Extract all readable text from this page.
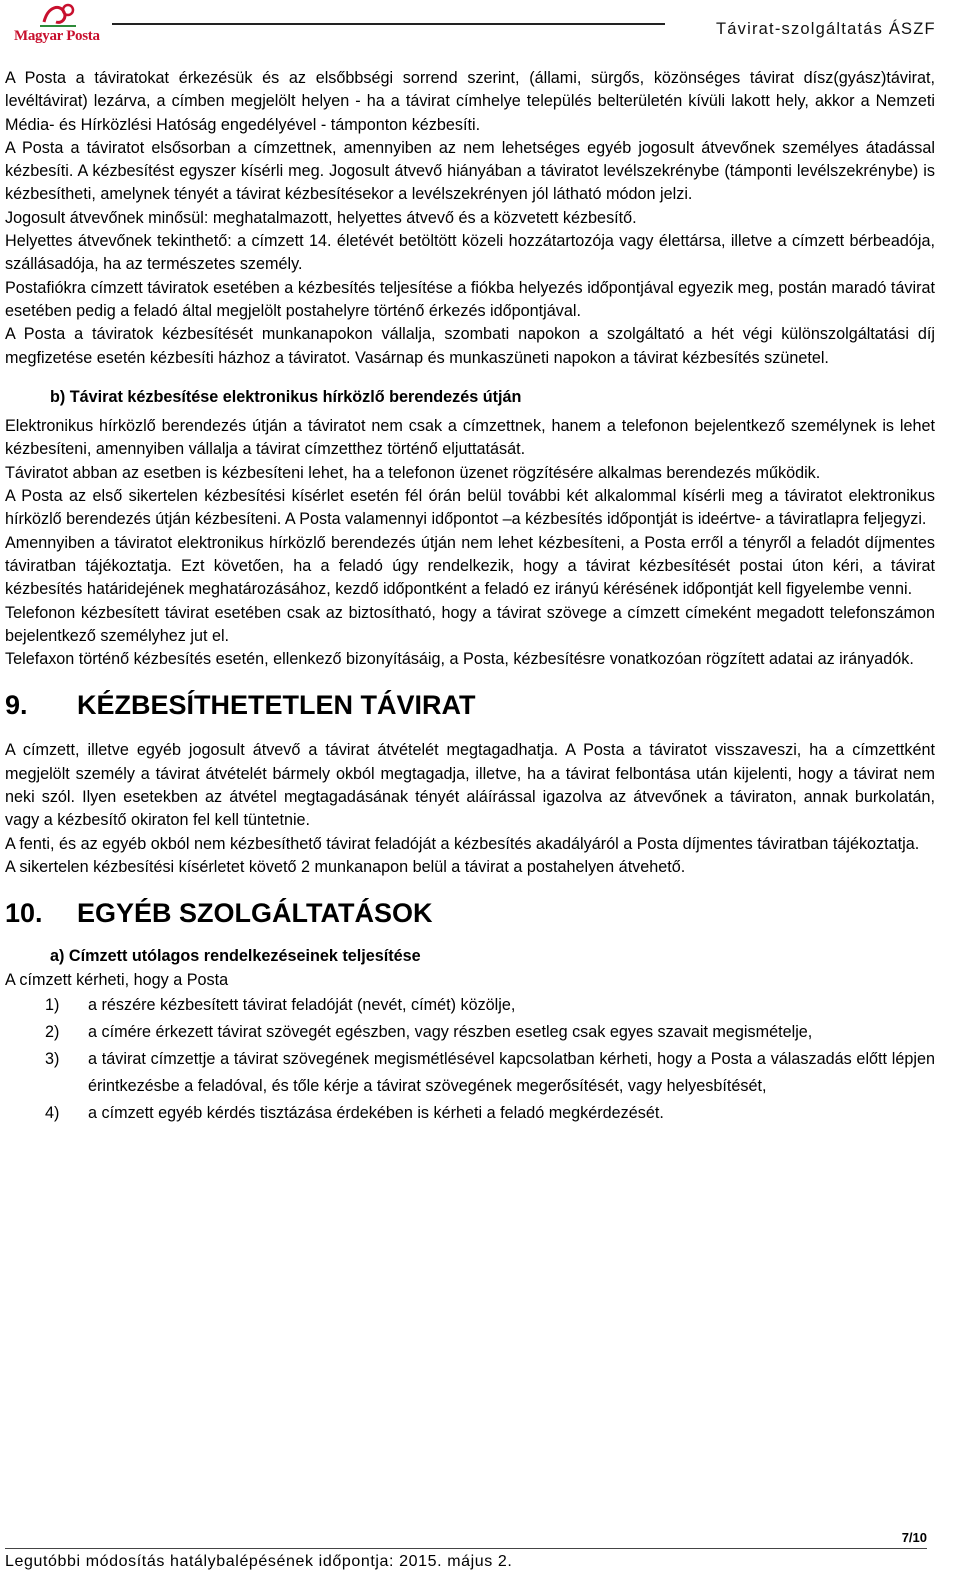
Magyar Posta	Távirat-szolgáltatás ÁSZF

A Posta a táviratokat érkezésük és az elsőbbségi sorrend szerint, (állami, sürgős, közönséges távirat dísz(gyász)távirat, levéltávirat) lezárva, a címben megjelölt helyen - ha a távirat címhelye település belterületén kívüli lakott hely, akkor a Nemzeti Média- és Hírközlési Hatóság engedélyével - támponton kézbesíti.

A Posta a táviratot elsősorban a címzettnek, amennyiben az nem lehetséges egyéb jogosult átvevőnek személyes átadással kézbesíti. A kézbesítést egyszer kísérli meg. Jogosult átvevő hiányában a táviratot levélszekrénybe (támponti levélszekrénybe) is kézbesítheti, amelynek tényét a távirat kézbesítésekor a levélszekrényen jól látható módon jelzi.

Jogosult átvevőnek minősül: meghatalmazott, helyettes átvevő és a közvetett kézbesítő.

Helyettes átvevőnek tekinthető: a címzett 14. életévét betöltött közeli hozzátartozója vagy élettársa, illetve a címzett bérbeadója, szállásadója, ha az természetes személy.

Postafiókra címzett táviratok esetében a kézbesítés teljesítése a fiókba helyezés időpontjával egyezik meg, postán maradó távirat esetében pedig a feladó által megjelölt postahelyre történő érkezés időpontjával.

A Posta a táviratok kézbesítését munkanapokon vállalja, szombati napokon a szolgáltató a hét végi különszolgáltatási díj megfizetése esetén kézbesíti házhoz a táviratot. Vasárnap és munkaszüneti napokon a távirat kézbesítés szünetel.

b) Távirat kézbesítése elektronikus hírközlő berendezés útján

Elektronikus hírközlő berendezés útján a táviratot nem csak a címzettnek, hanem a telefonon bejelentkező személynek is lehet kézbesíteni, amennyiben vállalja a távirat címzetthez történő eljuttatását.

Táviratot abban az esetben is kézbesíteni lehet, ha a telefonon üzenet rögzítésére alkalmas berendezés működik.

A Posta az első sikertelen kézbesítési kísérlet esetén fél órán belül további két alkalommal kísérli meg a táviratot elektronikus hírközlő berendezés útján kézbesíteni. A Posta valamennyi időpontot –a kézbesítés időpontját is ideértve- a táviratlapra feljegyzi.

Amennyiben a táviratot elektronikus hírközlő berendezés útján nem lehet kézbesíteni, a Posta erről a tényről a feladót díjmentes táviratban tájékoztatja. Ezt követően, ha a feladó úgy rendelkezik, hogy a távirat kézbesítését postai úton kéri, a távirat kézbesítés határidejének meghatározásához, kezdő időpontként a feladó ez irányú kérésének időpontját kell figyelembe venni.

Telefonon kézbesített távirat esetében csak az biztosítható, hogy a távirat szövege a címzett címeként megadott telefonszámon bejelentkező személyhez jut el.

Telefaxon történő kézbesítés esetén, ellenkező bizonyításáig, a Posta, kézbesítésre vonatkozóan rögzített adatai az irányadók.

9.	KÉZBESÍTHETETLEN TÁVIRAT

A címzett, illetve egyéb jogosult átvevő a távirat átvételét megtagadhatja. A Posta a táviratot visszaveszi, ha a címzettként megjelölt személy a távirat átvételét bármely okból megtagadja, illetve, ha a távirat felbontása után kijelenti, hogy a távirat nem neki szól. Ilyen esetekben az átvétel megtagadásának tényét aláírással igazolva az átvevőnek a táviraton, annak burkolatán, vagy a kézbesítő okiraton fel kell tüntetnie.

A fenti, és az egyéb okból nem kézbesíthető távirat feladóját a kézbesítés akadályáról a Posta díjmentes táviratban tájékoztatja.

A sikertelen kézbesítési kísérletet követő 2 munkanapon belül a távirat a postahelyen átvehető.

10.	EGYÉB SZOLGÁLTATÁSOK

a) Címzett utólagos rendelkezéseinek teljesítése

A címzett kérheti, hogy a Posta

1)	a részére kézbesített távirat feladóját (nevét, címét) közölje,
2)	a címére érkezett távirat szövegét egészben, vagy részben esetleg csak egyes szavait megismételje,
3)	a távirat címzettje a távirat szövegének megismétlésével kapcsolatban kérheti, hogy a Posta a válaszadás előtt lépjen érintkezésbe a feladóval, és tőle kérje a távirat szövegének megerősítését, vagy helyesbítését,
4)	a címzett egyéb kérdés tisztázása érdekében is kérheti a feladó megkérdezését.
7/10
Legutóbbi módosítás hatálybalépésének időpontja: 2015. május 2.
